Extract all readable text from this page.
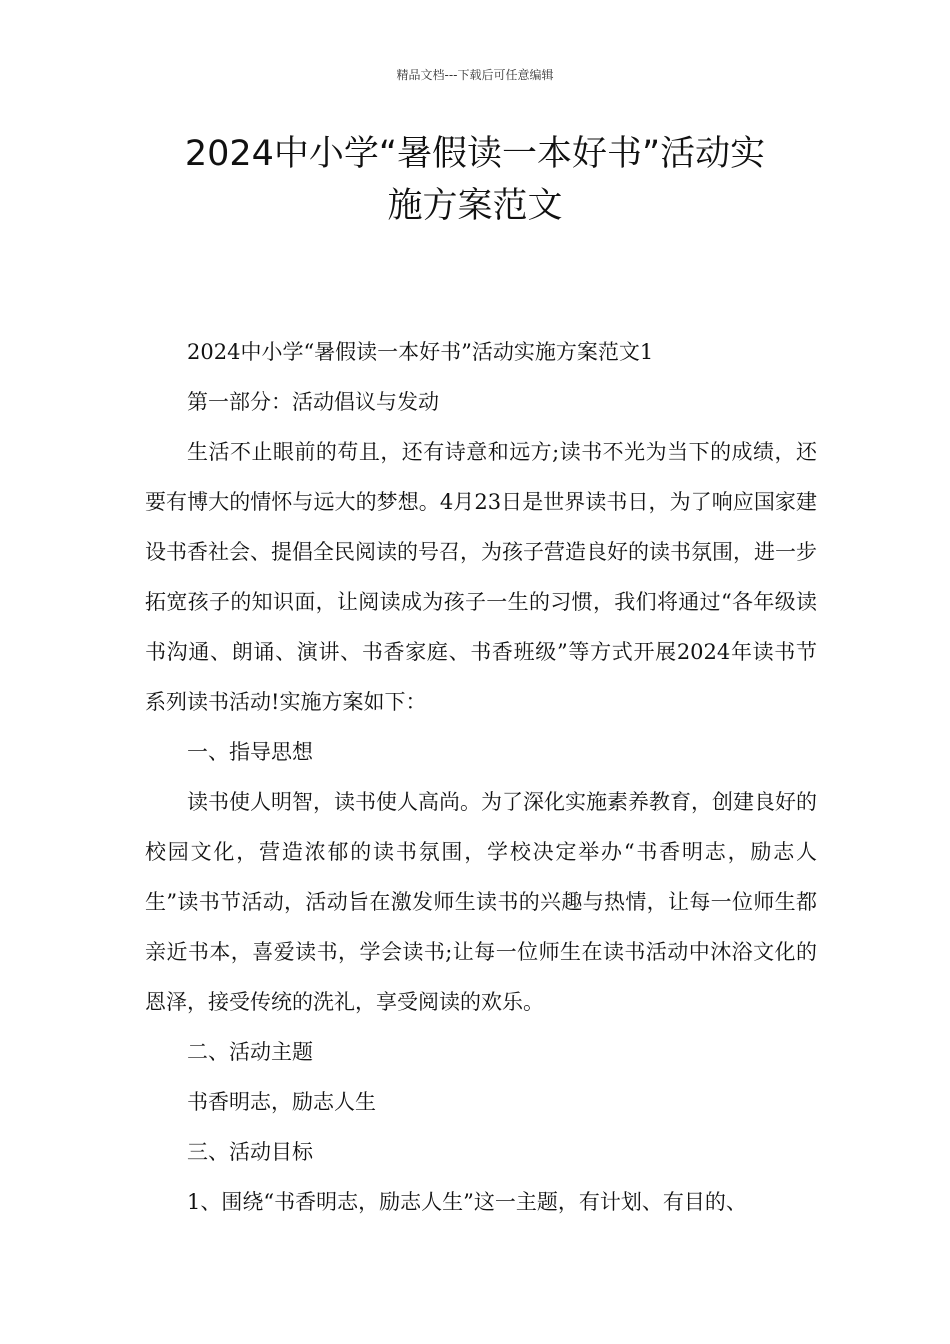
精品文档---下载后可任意编辑
2024中小学“暑假读一本好书”活动实
施方案范文

2024中小学“暑假读一本好书”活动实施方案范文1

第一部分：活动倡议与发动

生活不止眼前的苟且，还有诗意和远方;读书不光为当下的成绩，还要有博大的情怀与远大的梦想。4月23日是世界读书日，为了响应国家建设书香社会、提倡全民阅读的号召，为孩子营造良好的读书氛围，进一步拓宽孩子的知识面，让阅读成为孩子一生的习惯，我们将通过“各年级读书沟通、朗诵、演讲、书香家庭、书香班级”等方式开展2024年读书节系列读书活动!实施方案如下：

一、指导思想

读书使人明智，读书使人高尚。为了深化实施素养教育，创建良好的校园文化，营造浓郁的读书氛围，学校决定举办“书香明志，励志人生”读书节活动，活动旨在激发师生读书的兴趣与热情，让每一位师生都亲近书本，喜爱读书，学会读书;让每一位师生在读书活动中沐浴文化的恩泽，接受传统的洗礼，享受阅读的欢乐。

二、活动主题

书香明志，励志人生

三、活动目标

1、围绕“书香明志，励志人生”这一主题，有计划、有目的、
